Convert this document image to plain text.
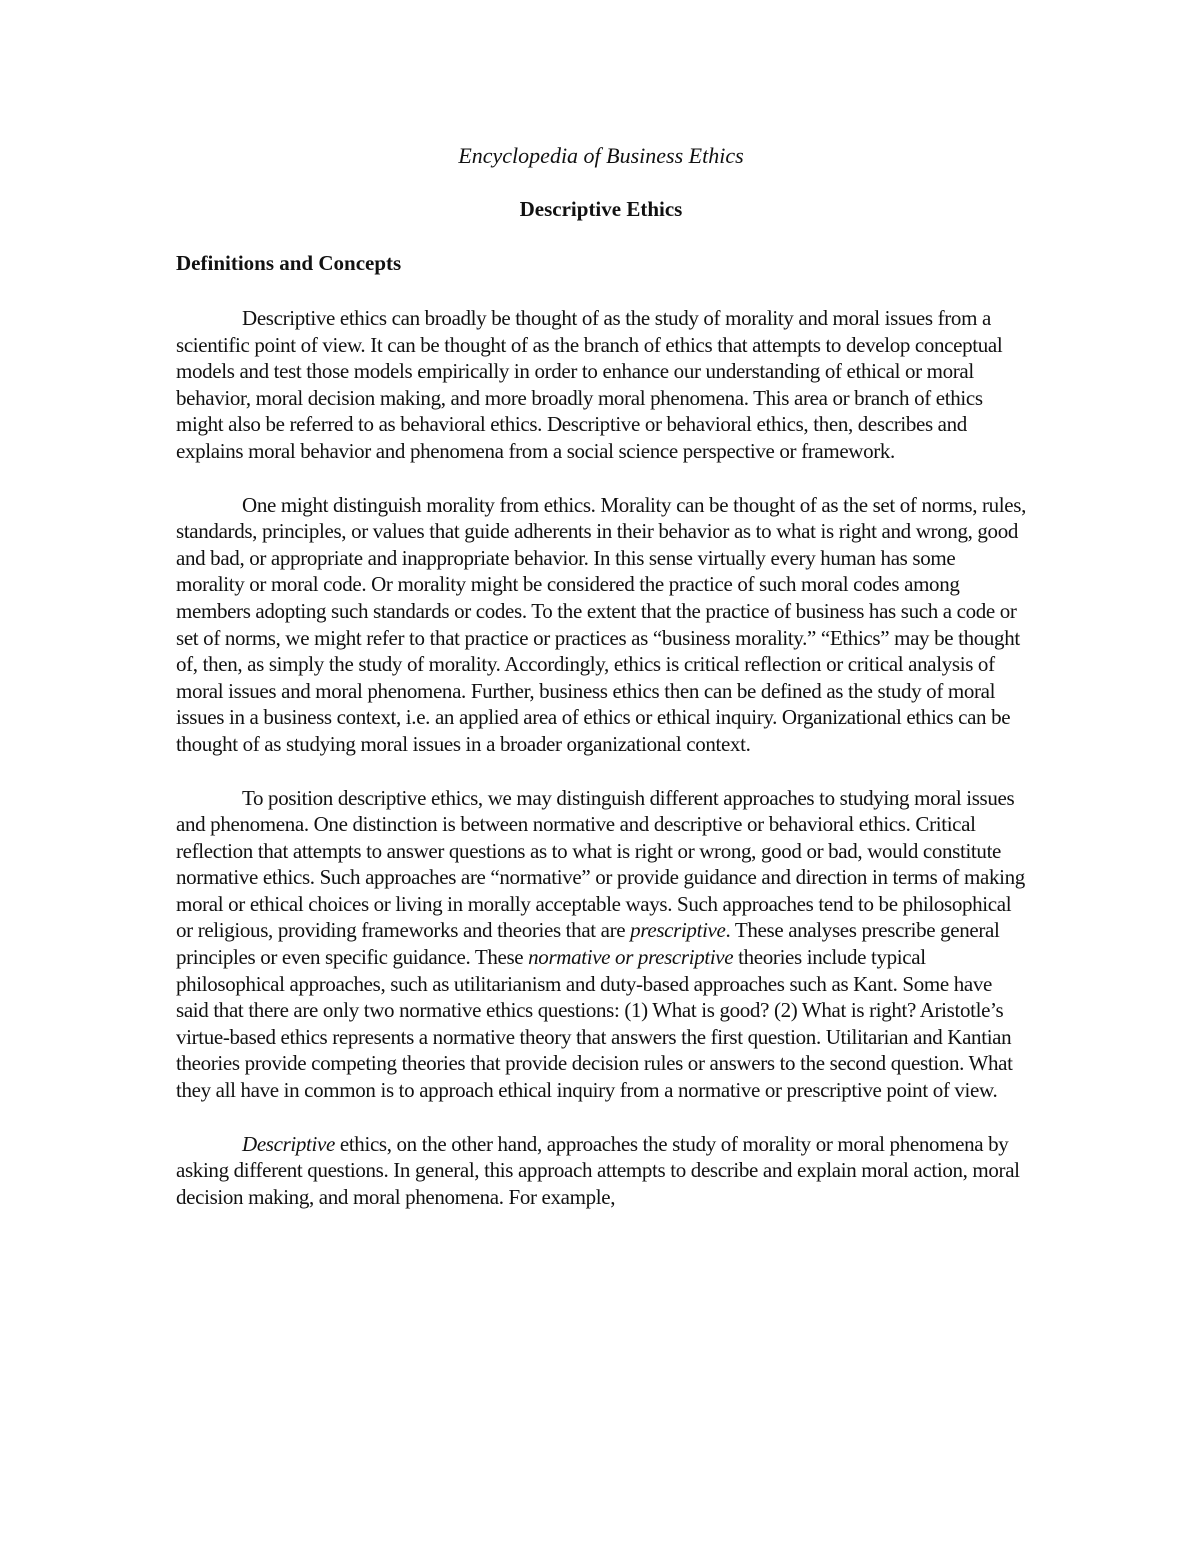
Encyclopedia of Business Ethics

Descriptive Ethics

Definitions and Concepts

Descriptive ethics can broadly be thought of as the study of morality and moral issues from a scientific point of view. It can be thought of as the branch of ethics that attempts to develop conceptual models and test those models empirically in order to enhance our understanding of ethical or moral behavior, moral decision making, and more broadly moral phenomena. This area or branch of ethics might also be referred to as behavioral ethics. Descriptive or behavioral ethics, then, describes and explains moral behavior and phenomena from a social science perspective or framework.

One might distinguish morality from ethics. Morality can be thought of as the set of norms, rules, standards, principles, or values that guide adherents in their behavior as to what is right and wrong, good and bad, or appropriate and inappropriate behavior. In this sense virtually every human has some morality or moral code. Or morality might be considered the practice of such moral codes among members adopting such standards or codes. To the extent that the practice of business has such a code or set of norms, we might refer to that practice or practices as “business morality.” “Ethics” may be thought of, then, as simply the study of morality. Accordingly, ethics is critical reflection or critical analysis of moral issues and moral phenomena. Further, business ethics then can be defined as the study of moral issues in a business context, i.e. an applied area of ethics or ethical inquiry. Organizational ethics can be thought of as studying moral issues in a broader organizational context.

To position descriptive ethics, we may distinguish different approaches to studying moral issues and phenomena. One distinction is between normative and descriptive or behavioral ethics. Critical reflection that attempts to answer questions as to what is right or wrong, good or bad, would constitute normative ethics. Such approaches are “normative” or provide guidance and direction in terms of making moral or ethical choices or living in morally acceptable ways. Such approaches tend to be philosophical or religious, providing frameworks and theories that are prescriptive. These analyses prescribe general principles or even specific guidance. These normative or prescriptive theories include typical philosophical approaches, such as utilitarianism and duty-based approaches such as Kant. Some have said that there are only two normative ethics questions: (1) What is good? (2) What is right? Aristotle’s virtue-based ethics represents a normative theory that answers the first question. Utilitarian and Kantian theories provide competing theories that provide decision rules or answers to the second question. What they all have in common is to approach ethical inquiry from a normative or prescriptive point of view.

Descriptive ethics, on the other hand, approaches the study of morality or moral phenomena by asking different questions. In general, this approach attempts to describe and explain moral action, moral decision making, and moral phenomena. For example,
